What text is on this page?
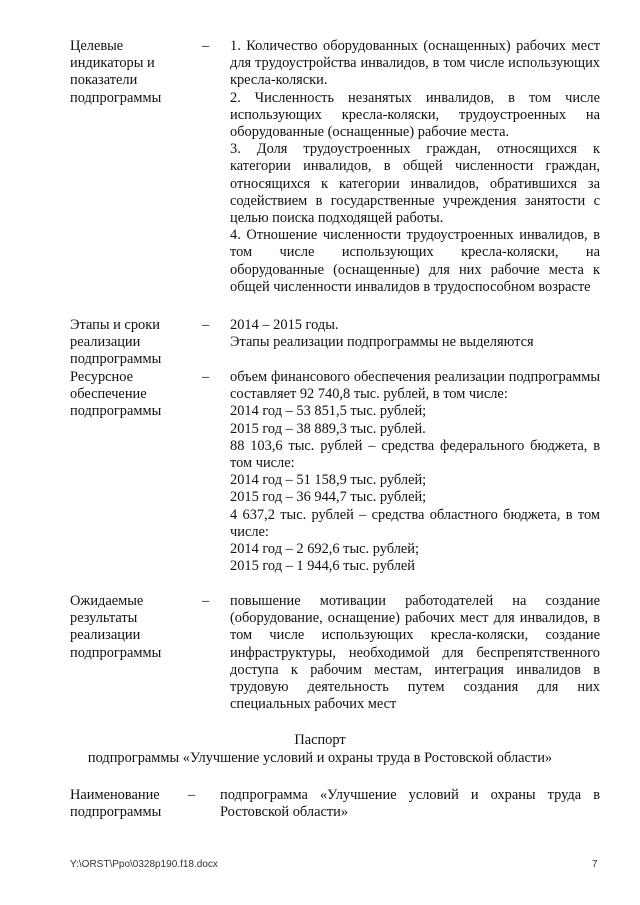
Целевые индикаторы и показатели подпрограммы
– 1. Количество оборудованных (оснащенных) рабочих мест для трудоустройства инвалидов, в том числе использующих кресла-коляски.

2. Численность незанятых инвалидов, в том числе использующих кресла-коляски, трудоустроенных на оборудованные (оснащенные) рабочие места.

3. Доля трудоустроенных граждан, относящихся к категории инвалидов, в общей численности граждан, относящихся к категории инвалидов, обратившихся за содействием в государственные учреждения занятости с целью поиска подходящей работы.

4. Отношение численности трудоустроенных инвалидов, в том числе использующих кресла-коляски, на оборудованные (оснащенные) для них рабочие места к общей численности инвалидов в трудоспособном возрасте

Этапы и сроки реализации подпрограммы
– 2014 – 2015 годы.

Этапы реализации подпрограммы не выделяются

Ресурсное обеспечение подпрограммы
– объем финансового обеспечения реализации подпрограммы составляет 92 740,8 тыс. рублей, в том числе:

2014 год – 53 851,5 тыс. рублей;

2015 год – 38 889,3 тыс. рублей.

88 103,6 тыс. рублей – средства федерального бюджета, в том числе:

2014 год – 51 158,9 тыс. рублей;

2015 год – 36 944,7 тыс. рублей;

4 637,2 тыс. рублей – средства областного бюджета, в том числе:

2014 год – 2 692,6 тыс. рублей;

2015 год – 1 944,6 тыс. рублей

Ожидаемые результаты реализации подпрограммы
– повышение мотивации работодателей на создание (оборудование, оснащение) рабочих мест для инвалидов, в том числе использующих кресла-коляски, создание инфраструктуры, необходимой для беспрепятственного доступа к рабочим местам, интеграция инвалидов в трудовую деятельность путем создания для них специальных рабочих мест

Паспорт
подпрограммы «Улучшение условий и охраны труда в Ростовской области»
Наименование подпрограммы
– подпрограмма «Улучшение условий и охраны труда в Ростовской области»

Y:\ORST\Ppo\0328p190.f18.docx	7
